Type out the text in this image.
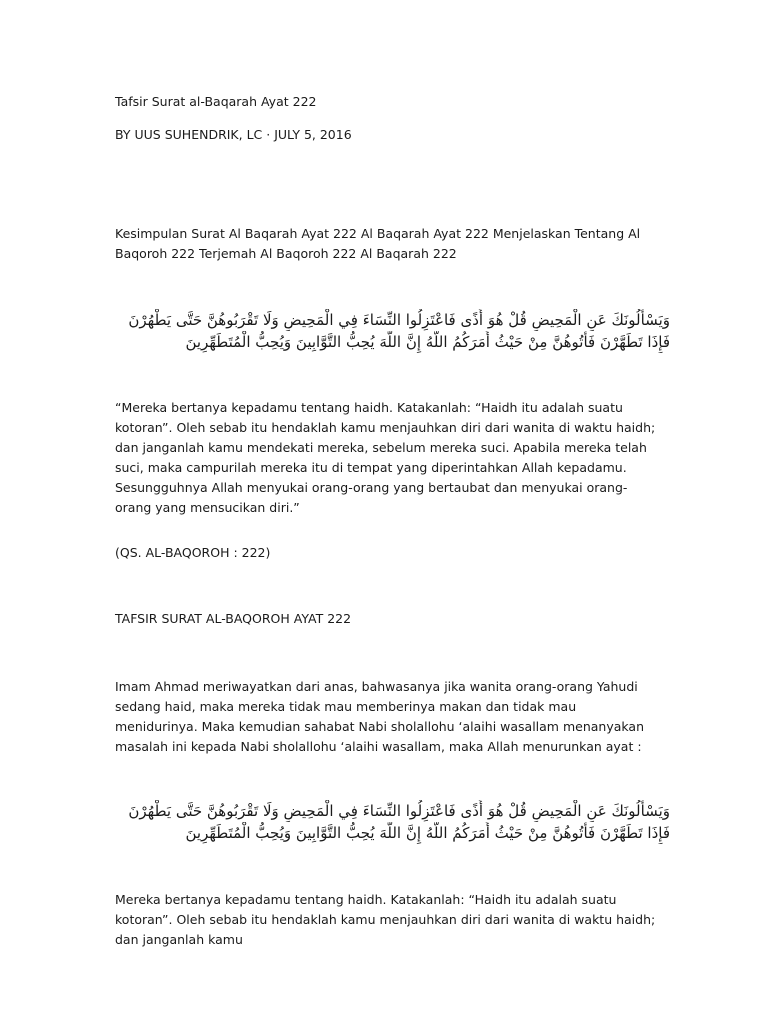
Tafsir Surat al-Baqarah Ayat 222
BY UUS SUHENDRIK, LC · JULY 5, 2016
Kesimpulan Surat Al Baqarah Ayat 222 Al Baqarah Ayat 222 Menjelaskan Tentang Al Baqoroh 222 Terjemah Al Baqoroh 222 Al Baqarah 222
وَيَسْأَلُونَكَ عَنِ الْمَحِيضِ قُلْ هُوَ أَذًى فَاعْتَزِلُوا النِّسَاءَ فِي الْمَحِيضِ وَلَا تَقْرَبُوهُنَّ حَتَّى يَطْهُرْنَ
فَإِذَا تَطَهَّرْنَ فَأْتُوهُنَّ مِنْ حَيْثُ أَمَرَكُمُ اللَّهُ إِنَّ اللَّهَ يُحِبُّ التَّوَّابِينَ وَيُحِبُّ الْمُتَطَهِّرِينَ
“Mereka bertanya kepadamu tentang haidh. Katakanlah: “Haidh itu adalah suatu kotoran”. Oleh sebab itu hendaklah kamu menjauhkan diri dari wanita di waktu haidh; dan janganlah kamu mendekati mereka, sebelum mereka suci. Apabila mereka telah suci, maka campurilah mereka itu di tempat yang diperintahkan Allah kepadamu. Sesungguhnya Allah menyukai orang-orang yang bertaubat dan menyukai orang-orang yang mensucikan diri.”
(QS. AL-BAQOROH : 222)
TAFSIR SURAT AL-BAQOROH AYAT 222
Imam Ahmad meriwayatkan dari anas, bahwasanya jika wanita orang-orang Yahudi sedang haid, maka mereka tidak mau memberinya makan dan tidak mau menidurinya. Maka kemudian sahabat Nabi sholallohu ‘alaihi wasallam menanyakan masalah ini kepada Nabi sholallohu ‘alaihi wasallam, maka Allah menurunkan ayat :
وَيَسْأَلُونَكَ عَنِ الْمَحِيضِ قُلْ هُوَ أَذًى فَاعْتَزِلُوا النِّسَاءَ فِي الْمَحِيضِ وَلَا تَقْرَبُوهُنَّ حَتَّى يَطْهُرْنَ
فَإِذَا تَطَهَّرْنَ فَأْتُوهُنَّ مِنْ حَيْثُ أَمَرَكُمُ اللَّهُ إِنَّ اللَّهَ يُحِبُّ التَّوَّابِينَ وَيُحِبُّ الْمُتَطَهِّرِينَ
Mereka bertanya kepadamu tentang haidh. Katakanlah: “Haidh itu adalah suatu kotoran”. Oleh sebab itu hendaklah kamu menjauhkan diri dari wanita di waktu haidh; dan janganlah kamu
